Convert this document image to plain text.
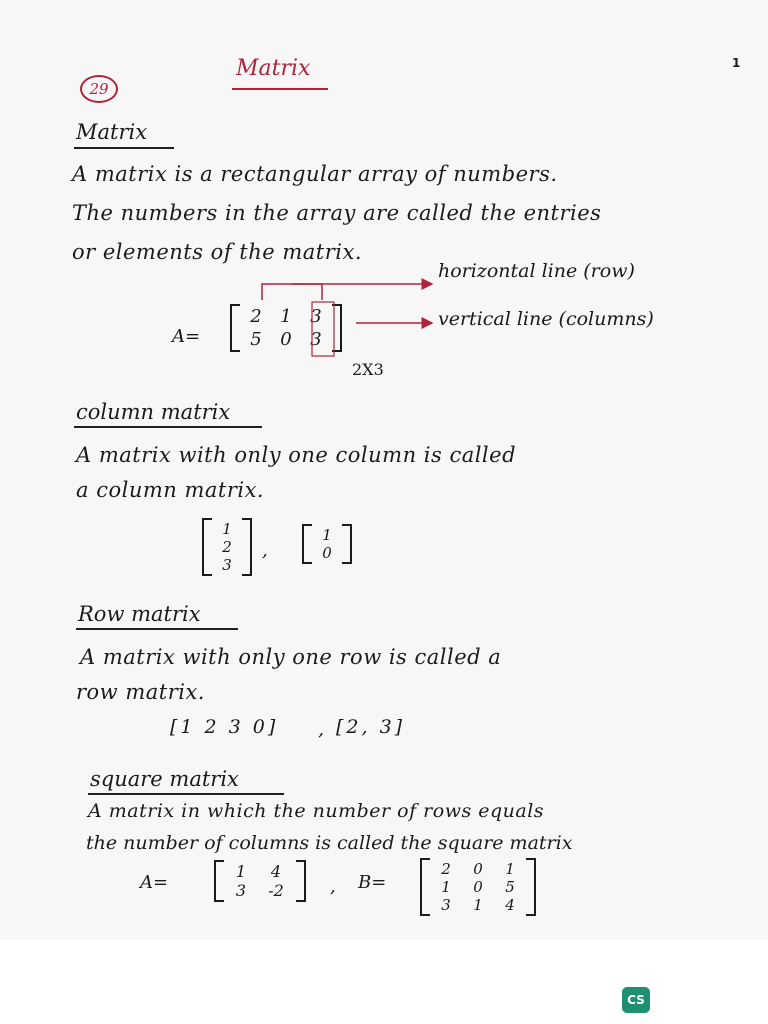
29
Matrix	1
Matrix
A matrix is a rectangular array of numbers.
The numbers in the array are called the entries
or elements of the matrix.
horizontal line (row)
vertical line (columns)
A=
2 1 3
5 0 3
2X3
column matrix
A matrix with only one column is called
a column matrix.
1
2
3
,
1
0
Row matrix
A matrix with only one row is called a
row matrix.
[1 2 3 0] , [2, 3]
square matrix
A matrix in which the number of rows equals
the number of columns is called the square matrix
A=
1	4
3 -2	, B=
2 0 1
1 0 5
3 1 4
CS
